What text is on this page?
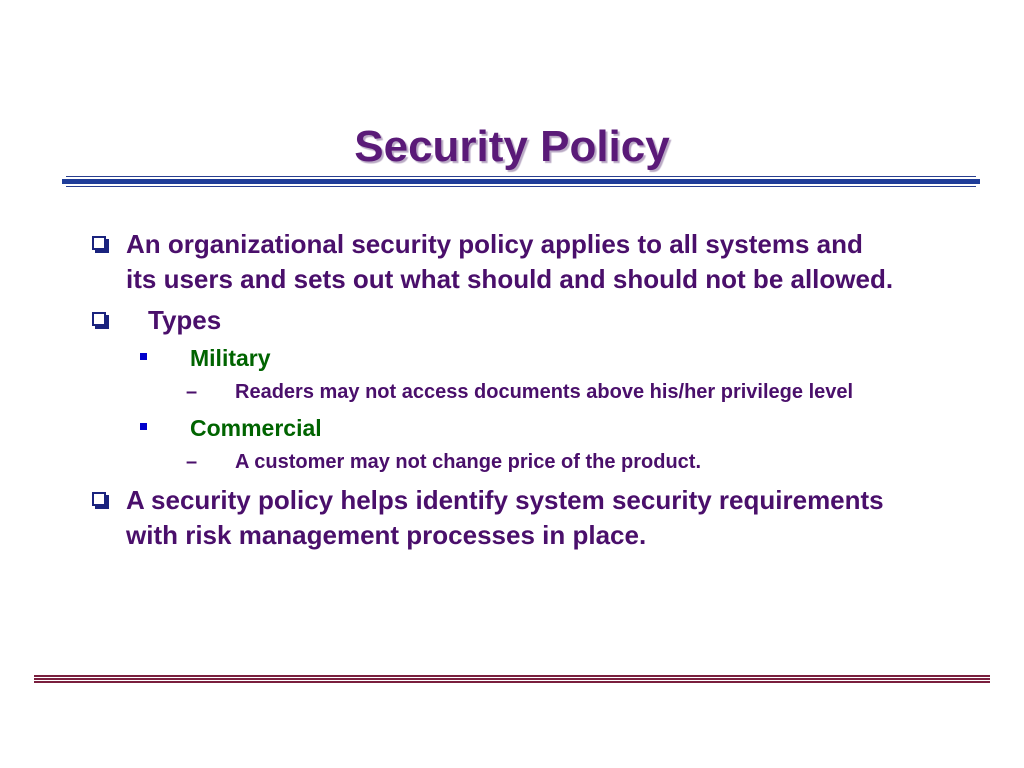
Security Policy
An organizational security policy applies to all systems and
its users and sets out what should and should not be allowed.
Types
Military
– Readers may not access documents above his/her privilege level
Commercial
– A customer may not change price of the product.
A security policy helps identify system security requirements
with risk management processes in place.
